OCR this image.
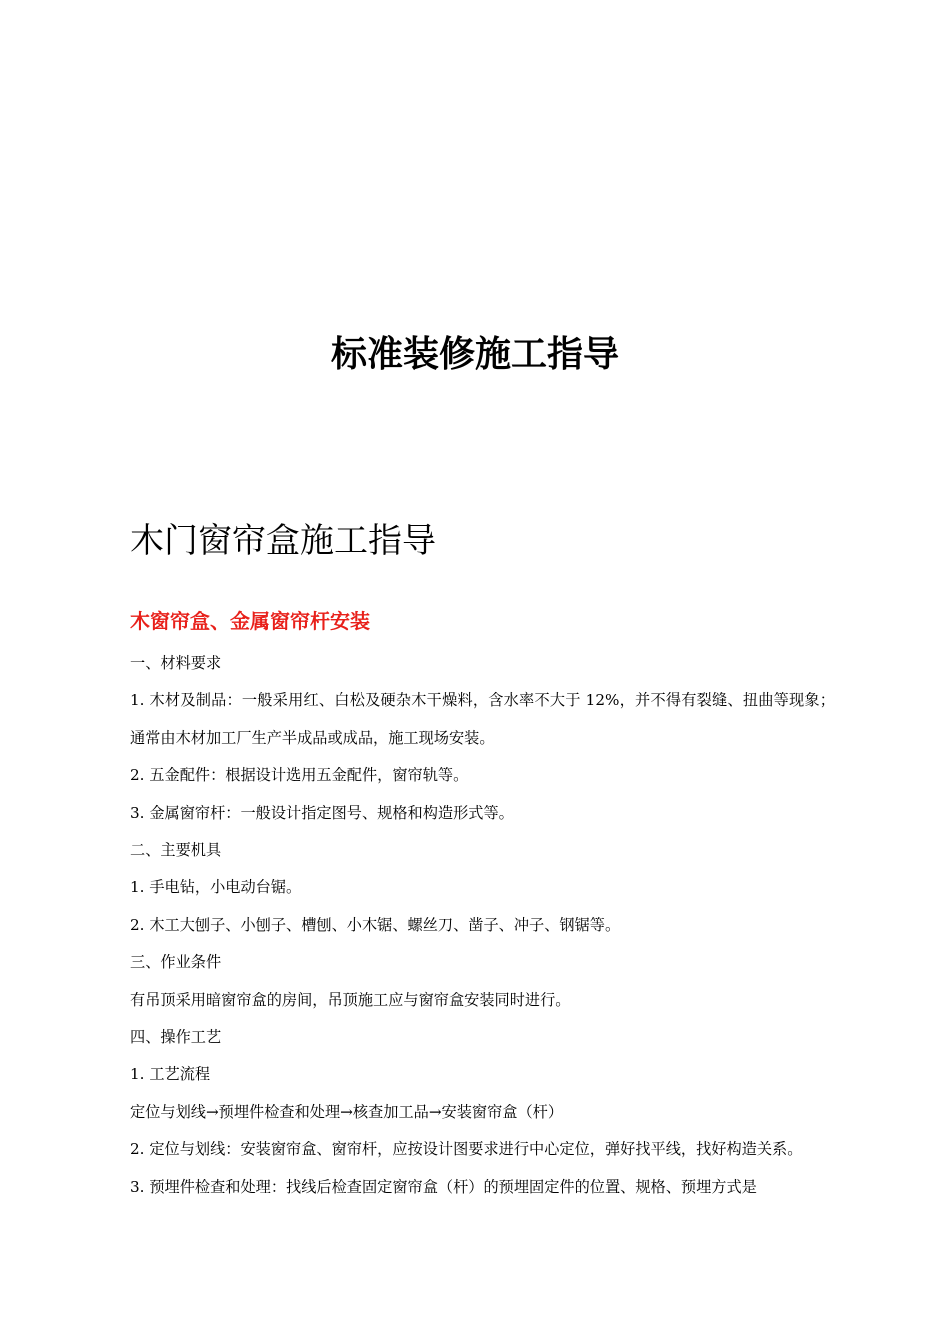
标准装修施工指导
木门窗帘盒施工指导
木窗帘盒、金属窗帘杆安装

一、材料要求

1. 木材及制品：一般采用红、白松及硬杂木干燥料，含水率不大于 12%，并不得有裂缝、扭曲等现象；通常由木材加工厂生产半成品或成品，施工现场安装。

2. 五金配件：根据设计选用五金配件，窗帘轨等。

3. 金属窗帘杆：一般设计指定图号、规格和构造形式等。

二、主要机具

1. 手电钻，小电动台锯。

2. 木工大刨子、小刨子、槽刨、小木锯、螺丝刀、凿子、冲子、钢锯等。

三、作业条件

有吊顶采用暗窗帘盒的房间，吊顶施工应与窗帘盒安装同时进行。

四、操作工艺

1. 工艺流程

定位与划线→预埋件检查和处理→核查加工品→安装窗帘盒（杆）

2. 定位与划线：安装窗帘盒、窗帘杆，应按设计图要求进行中心定位，弹好找平线，找好构造关系。

3. 预埋件检查和处理：找线后检查固定窗帘盒（杆）的预埋固定件的位置、规格、预埋方式是
